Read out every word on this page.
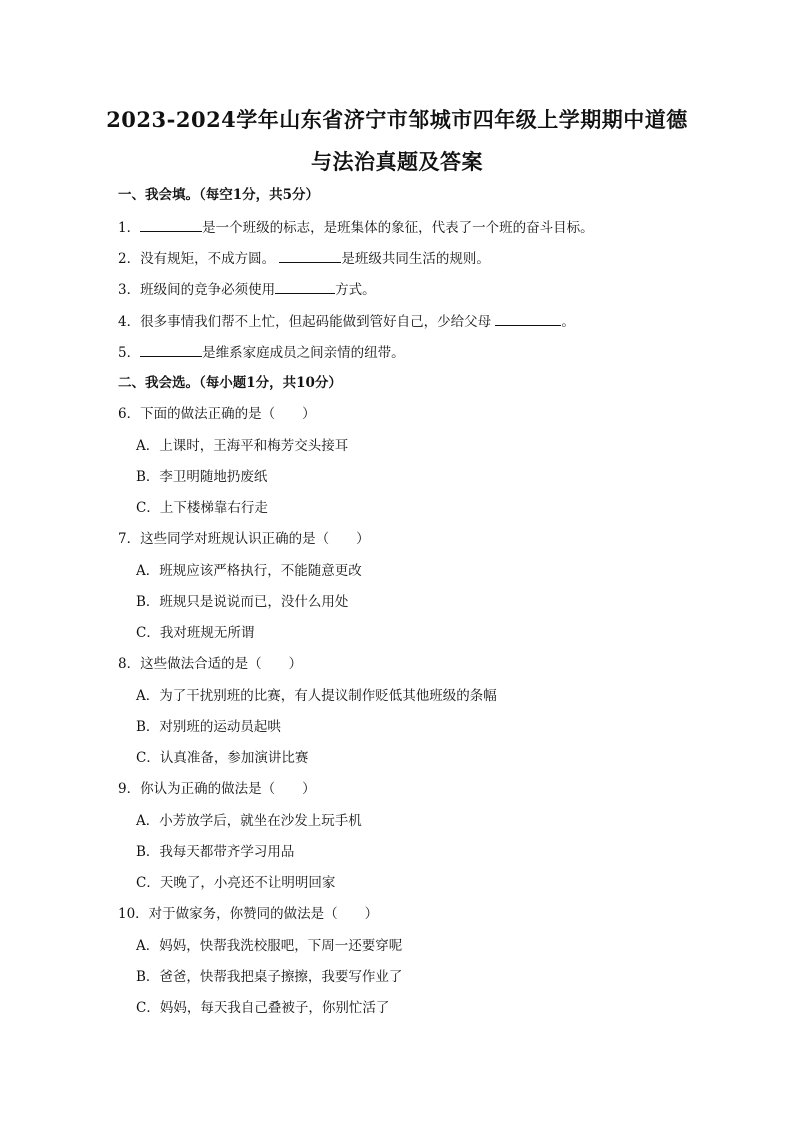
2023-2024学年山东省济宁市邹城市四年级上学期期中道德
与法治真题及答案
一、我会填。（每空1分，共5分）
1．	是一个班级的标志，是班集体的象征，代表了一个班的奋斗目标。
2．没有规矩，不成方圆。	是班级共同生活的规则。
3．班级间的竞争必须使用	方式。
4．很多事情我们帮不上忙，但起码能做到管好自己，少给父母	。
5．	是维系家庭成员之间亲情的纽带。
二、我会选。（每小题1分，共10分）
6．下面的做法正确的是（　　）
A．上课时，王海平和梅芳交头接耳
B．李卫明随地扔废纸
C．上下楼梯靠右行走
7．这些同学对班规认识正确的是（　　）
A．班规应该严格执行，不能随意更改
B．班规只是说说而已，没什么用处
C．我对班规无所谓
8．这些做法合适的是（　　）
A．为了干扰别班的比赛，有人提议制作贬低其他班级的条幅
B．对别班的运动员起哄
C．认真准备，参加演讲比赛
9．你认为正确的做法是（　　）
A．小芳放学后，就坐在沙发上玩手机
B．我每天都带齐学习用品
C．天晚了，小亮还不让明明回家
10．对于做家务，你赞同的做法是（　　）
A．妈妈，快帮我洗校服吧，下周一还要穿呢
B．爸爸，快帮我把桌子擦擦，我要写作业了
C．妈妈，每天我自己叠被子，你别忙活了
